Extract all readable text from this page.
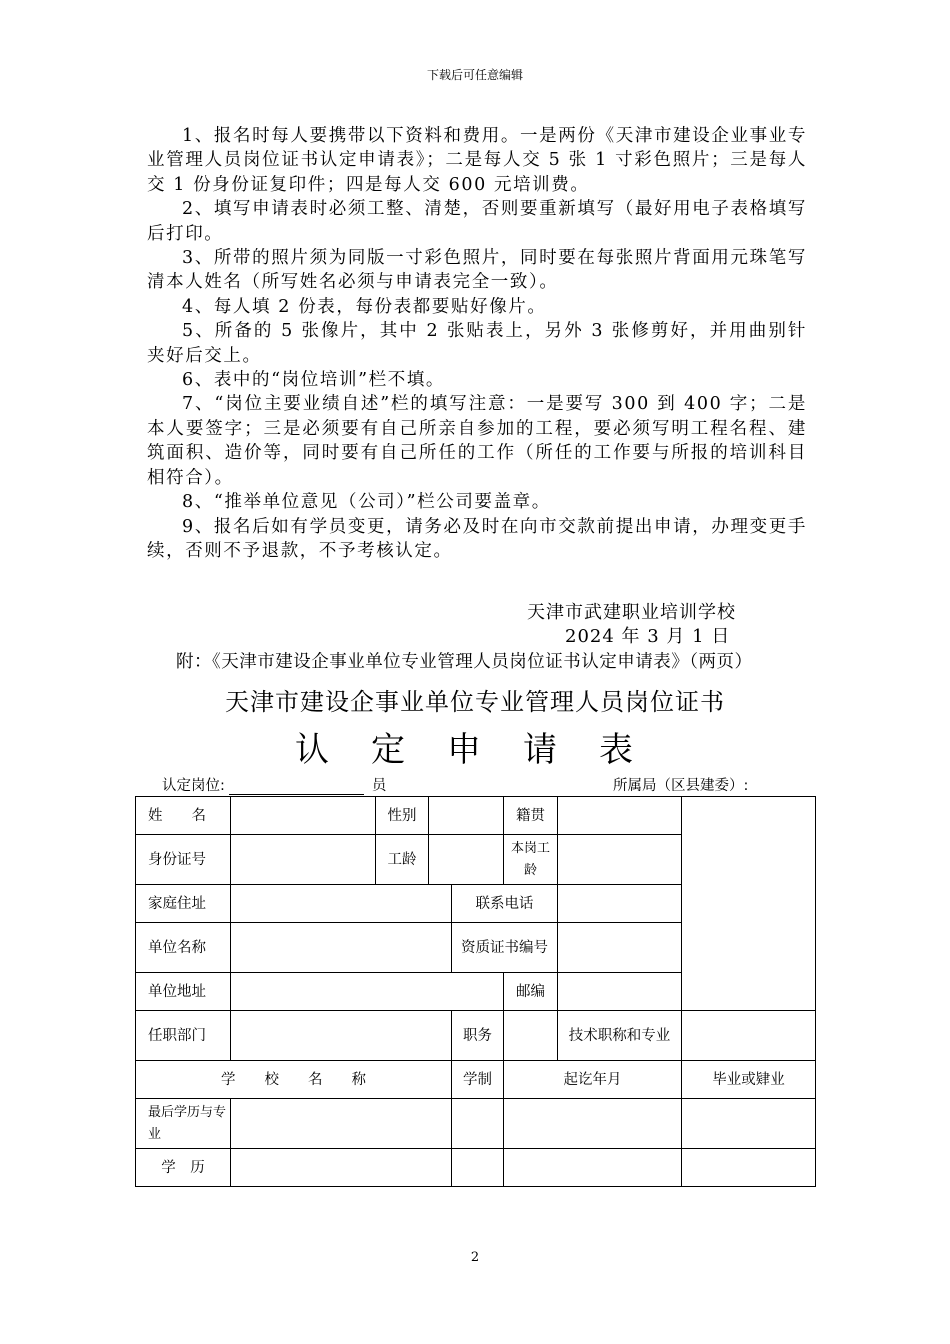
下载后可任意编辑

1、报名时每人要携带以下资料和费用。一是两份《天津市建设企业事业专业管理人员岗位证书认定申请表》；二是每人交 5 张 1 寸彩色照片；三是每人交 1 份身份证复印件；四是每人交 600 元培训费。

2、填写申请表时必须工整、清楚，否则要重新填写（最好用电子表格填写后打印。

3、所带的照片须为同版一寸彩色照片，同时要在每张照片背面用元珠笔写清本人姓名（所写姓名必须与申请表完全一致）。

4、每人填 2 份表，每份表都要贴好像片。

5、所备的 5 张像片，其中 2 张贴表上，另外 3 张修剪好，并用曲别针夹好后交上。

6、表中的“岗位培训”栏不填。

7、“岗位主要业绩自述”栏的填写注意：一是要写 300 到 400 字；二是本人要签字；三是必须要有自己所亲自参加的工程，要必须写明工程名程、建筑面积、造价等，同时要有自己所任的工作（所任的工作要与所报的培训科目相符合）。

8、“推举单位意见（公司）”栏公司要盖章。

9、报名后如有学员变更，请务必及时在向市交款前提出申请，办理变更手续，否则不予退款，不予考核认定。

天津市武建职业培训学校
2024 年 3 月 1 日
附：《天津市建设企事业单位专业管理人员岗位证书认定申请表》（两页）
天津市建设企事业单位专业管理人员岗位证书
认定申请表
认定岗位:	员	所属局（区县建委）:
姓　　名		性别			籍贯		
身份证号		工龄			本岗工龄		
家庭住址				联系电话			
单位名称				资质证书编号			
单位地址					邮编		
任职部门				职务		技术职称和专业	
学　　校　　名　　称				学制	起讫年月		毕业或肄业
最后学历与专业							
学　历							
2
